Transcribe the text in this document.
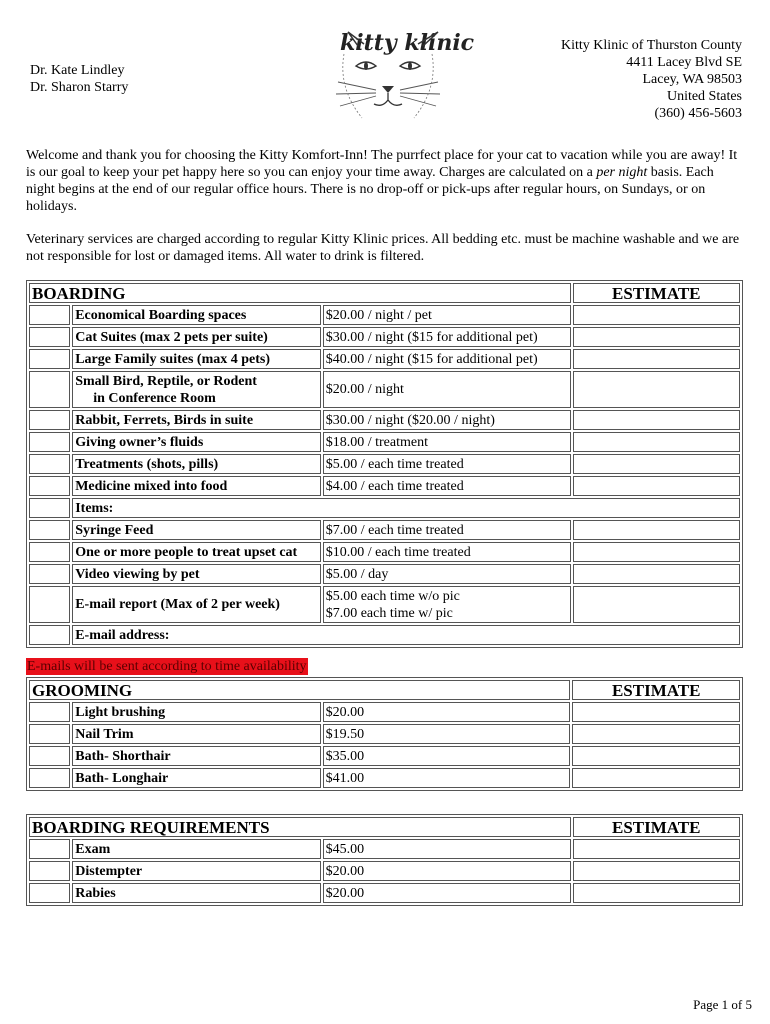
Dr. Kate Lindley
Dr. Sharon Starry
kitty klinic	Kitty Klinic of Thurston County
4411 Lacey Blvd SE
Lacey, WA 98503
United States
(360) 456-5603
Welcome and thank you for choosing the Kitty Komfort-Inn! The purrfect place for your cat to vacation while you are away! It is our goal to keep your pet happy here so you can enjoy your time away. Charges are calculated on a per night basis. Each night begins at the end of our regular office hours. There is no drop-off or pick-ups after regular hours, on Sundays, or on holidays.
Veterinary services are charged according to regular Kitty Klinic prices. All bedding etc. must be machine washable and we are not responsible for lost or damaged items. All water to drink is filtered.
BOARDING			ESTIMATE
	Economical Boarding spaces	$20.00 / night / pet	
	Cat Suites (max 2 pets per suite)	$30.00 / night ($15 for additional pet)	
	Large Family suites (max 4 pets)	$40.00 / night ($15 for additional pet)	
	Small Bird, Reptile, or Rodent
in Conference Room	$20.00 / night	
	Rabbit, Ferrets, Birds in suite	$30.00 / night ($20.00 / night)	
	Giving owner’s fluids	$18.00 / treatment	
	Treatments (shots, pills)	$5.00 / each time treated	
	Medicine mixed into food	$4.00 / each time treated	
	Items:		
	Syringe Feed	$7.00 / each time treated	
	One or more people to treat upset cat	$10.00 / each time treated	
	Video viewing by pet	$5.00 / day	
	E-mail report (Max of 2 per week)	$5.00 each time w/o pic
$7.00 each time w/ pic	

	E-mail address:		
E-mails will be sent according to time availability
GROOMING			ESTIMATE
	Light brushing	$20.00	
	Nail Trim	$19.50	
	Bath- Shorthair	$35.00	
	Bath- Longhair	$41.00	
BOARDING REQUIREMENTS			ESTIMATE
	Exam	$45.00	
	Distempter	$20.00	
	Rabies	$20.00	
Page 1 of 5
